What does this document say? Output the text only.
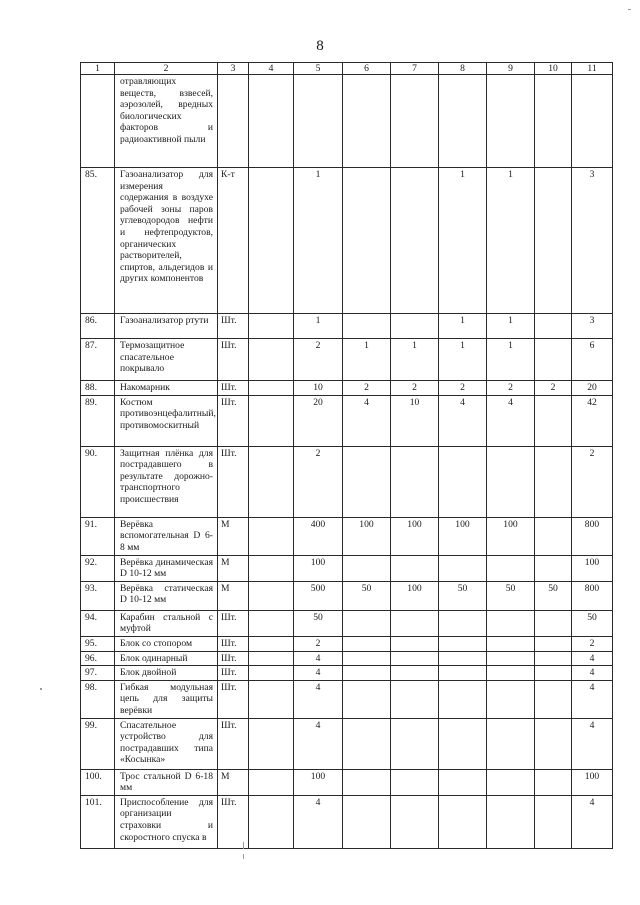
8
1	2	3	4	5	6	7	8	9	10	11
	отравляющих веществ, взвесей, аэрозолей, вредных биологических факторов и радиоактивной пыли									
85.	Газоанализатор для измерения содержания в воздухе рабочей зоны паров углеводородов нефти и нефтепродуктов, органических растворителей, спиртов, альдегидов и других компонентов	К-т		1			1	1		3
86.	Газоанализатор ртути	Шт.		1			1	1		3
87.	Термозащитное спасательное покрывало	Шт.		2	1	1	1	1		6
88.	Накомарник	Шт.		10	2	2	2	2	2	20
89.	Костюм противоэнцефалитный, противомоскитный	Шт.		20	4	10	4	4		42
90.	Защитная плёнка для пострадавшего в результате дорожно-транспортного происшествия	Шт.		2						2
91.	Верёвка вспомогательная D 6-8 мм	М		400	100	100	100	100		800
92.	Верёвка динамическая D 10-12 мм	М		100						100
93.	Верёвка статическая D 10-12 мм	М		500	50	100	50	50	50	800
94.	Карабин стальной с муфтой	Шт.		50						50
95.	Блок со стопором	Шт.		2						2
96.	Блок одинарный	Шт.		4						4
97.	Блок двойной	Шт.		4						4
98.	Гибкая модульная цепь для защиты верёвки	Шт.		4						4
99.	Спасательное устройство для пострадавших типа «Косынка»	Шт.		4						4
100.	Трос стальной D 6-18 мм	М		100						100
101.	Приспособление для организации страховки и скоростного спуска в	Шт.		4						4
